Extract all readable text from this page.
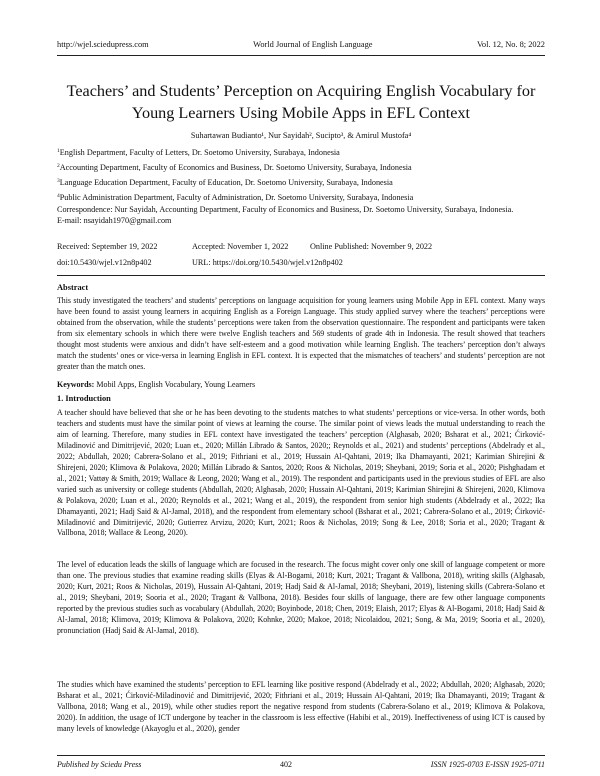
http://wjel.sciedupress.com	World Journal of English Language	Vol. 12, No. 8; 2022
Teachers’ and Students’ Perception on Acquiring English Vocabulary for Young Learners Using Mobile Apps in EFL Context
Suhartawan Budianto¹, Nur Sayidah², Sucipto³, & Amirul Mustofa⁴
$^1$English Department, Faculty of Letters, Dr. Soetomo University, Surabaya, Indonesia
$^2$Accounting Department, Faculty of Economics and Business, Dr. Soetomo University, Surabaya, Indonesia
$^3$Language Education Department, Faculty of Education, Dr. Soetomo University, Surabaya, Indonesia
$^4$Public Administration Department, Faculty of Administration, Dr. Soetomo University, Surabaya, Indonesia
Correspondence: Nur Sayidah, Accounting Department, Faculty of Economics and Business, Dr. Soetomo University, Surabaya, Indonesia.
E-mail: nsayidah1970@gmail.com
Received: September 19, 2022	Accepted: November 1, 2022	Online Published: November 9, 2022
doi:10.5430/wjel.v12n8p402	URL: https://doi.org/10.5430/wjel.v12n8p402
Abstract
This study investigated the teachers’ and students’ perceptions on language acquisition for young learners using Mobile App in EFL context. Many ways have been found to assist young learners in acquiring English as a Foreign Language. This study applied survey where the teachers’ perceptions were obtained from the observation, while the students’ perceptions were taken from the observation questionnaire. The respondent and participants were taken from six elementary schools in which there were twelve English teachers and 569 students of grade 4th in Indonesia. The result showed that teachers thought most students were anxious and didn’t have self-esteem and a good motivation while learning English. The teachers’ perception don’t always match the students’ ones or vice-versa in learning English in EFL context. It is expected that the mismatches of teachers’ and students’ perception are not greater than the match ones.
Keywords: Mobil Apps, English Vocabulary, Young Learners
1. Introduction
A teacher should have believed that she or he has been devoting to the students matches to what students’ perceptions or vice-versa. In other words, both teachers and students must have the similar point of views at learning the course. The similar point of views leads the mutual understanding to reach the aim of learning. Therefore, many studies in EFL context have investigated the teachers’ perception (Alghasab, 2020; Bsharat et al., 2021; Ćirković-Miladinović and Dimitrijević, 2020; Luan et., 2020; Millán Librado & Santos, 2020;; Reynolds et al., 2021) and students’ perceptions (Abdelrady et al., 2022; Abdullah, 2020; Cabrera-Solano et al., 2019; Fithriani et al., 2019; Hussain Al-Qahtani, 2019; Ika Dhamayanti, 2021; Karimian Shirejini & Shirejeni, 2020; Klimova & Polakova, 2020; Millán Librado & Santos, 2020; Roos & Nicholas, 2019; Sheybani, 2019; Soria et al., 2020; Pishghadam et al., 2021; Vattøy & Smith, 2019; Wallace & Leong, 2020; Wang et al., 2019). The respondent and participants used in the previous studies of EFL are also varied such as university or college students (Abdullah, 2020; Alghasab, 2020; Hussain Al-Qahtani, 2019; Karimian Shirejini & Shirejeni, 2020, Klimova & Polakova, 2020; Luan et al., 2020; Reynolds et al., 2021; Wang et al., 2019), the respondent from senior high students (Abdelrady et al., 2022; Ika Dhamayanti, 2021; Hadj Said & Al-Jamal, 2018), and the respondent from elementary school (Bsharat et al., 2021; Cabrera-Solano et al., 2019; Ćirković-Miladinović and Dimitrijević, 2020; Gutierrez Arvizu, 2020; Kurt, 2021; Roos & Nicholas, 2019; Song & Lee, 2018; Soria et al., 2020; Tragant & Vallbona, 2018; Wallace & Leong, 2020).
The level of education leads the skills of language which are focused in the research. The focus might cover only one skill of language competent or more than one. The previous studies that examine reading skills (Elyas & Al-Bogami, 2018; Kurt, 2021; Tragant & Vallbona, 2018), writing skills (Alghasab, 2020; Kurt, 2021; Roos & Nicholas, 2019), Hussain Al-Qahtani, 2019; Hadj Said & Al-Jamal, 2018; Sheybani, 2019), listening skills (Cabrera-Solano et al., 2019; Sheybani, 2019; Sooria et al., 2020; Tragant & Vallbona, 2018). Besides four skills of language, there are few other language components reported by the previous studies such as vocabulary (Abdullah, 2020; Boyinbode, 2018; Chen, 2019; Elaish, 2017; Elyas & Al-Bogami, 2018; Hadj Said & Al-Jamal, 2018; Klimova, 2019; Klimova & Polakova, 2020; Kohnke, 2020; Makoe, 2018; Nicolaidou, 2021; Song, & Ma, 2019; Sooria et al., 2020), pronunciation (Hadj Said & Al-Jamal, 2018).
The studies which have examined the students’ perception to EFL learning like positive respond (Abdelrady et al., 2022; Abdullah, 2020; Alghasab, 2020; Bsharat et al., 2021; Ćirković-Miladinović and Dimitrijević, 2020; Fithriani et al., 2019; Hussain Al-Qahtani, 2019; Ika Dhamayanti, 2019; Tragant & Vallbona, 2018; Wang et al., 2019), while other studies report the negative respond from students (Cabrera-Solano et al., 2019; Klimova & Polakova, 2020). In addition, the usage of ICT undergone by teacher in the classroom is less effective (Habibi et al., 2019). Ineffectiveness of using ICT is caused by many levels of knowledge (Akayoglu et al., 2020), gender
Published by Sciedu Press	402	ISSN 1925-0703 E-ISSN 1925-0711
